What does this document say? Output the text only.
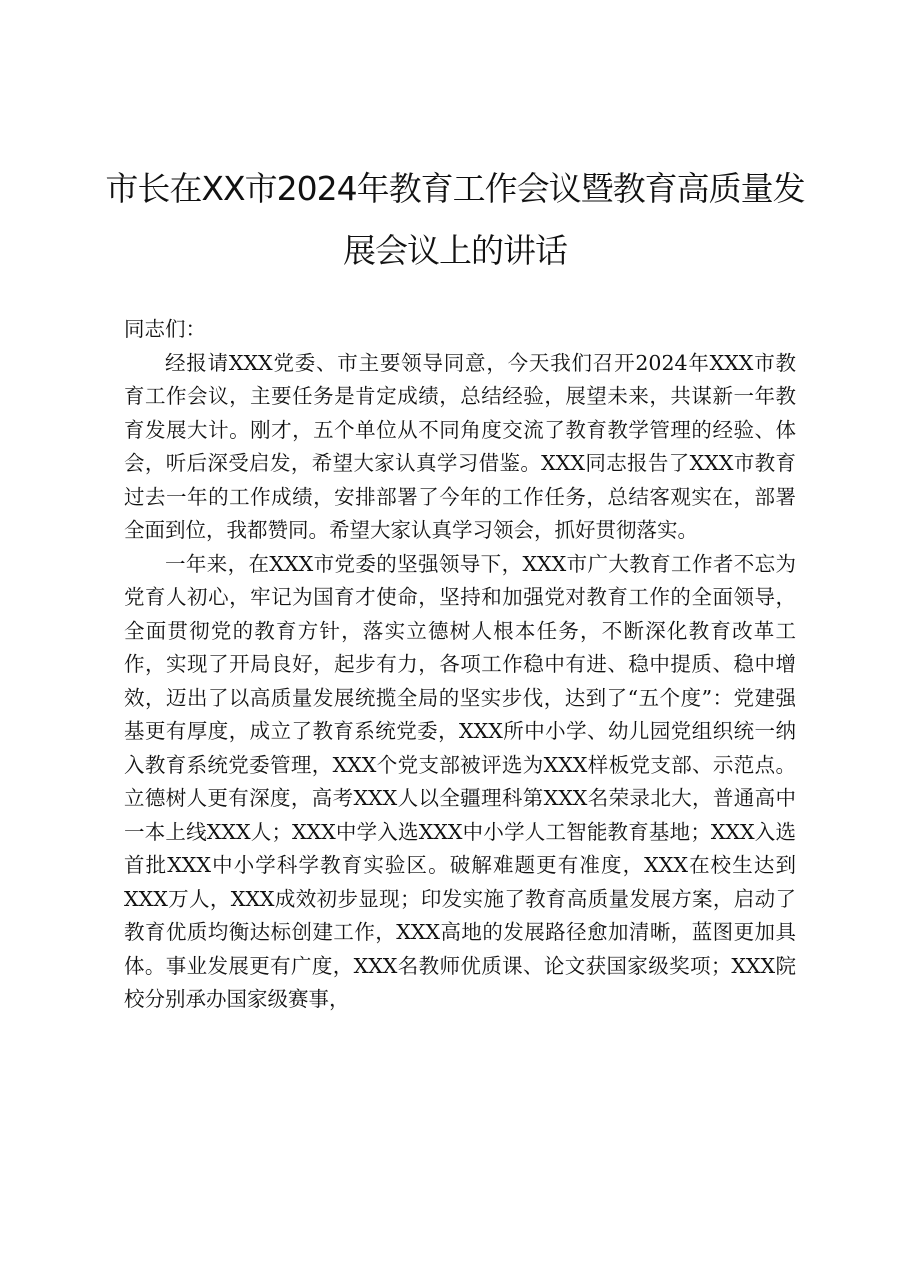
市长在XX市2024年教育工作会议暨教育高质量发展会议上的讲话

同志们：

经报请XXX党委、市主要领导同意，今天我们召开2024年XXX市教育工作会议，主要任务是肯定成绩，总结经验，展望未来，共谋新一年教育发展大计。刚才，五个单位从不同角度交流了教育教学管理的经验、体会，听后深受启发，希望大家认真学习借鉴。XXX同志报告了XXX市教育过去一年的工作成绩，安排部署了今年的工作任务，总结客观实在，部署全面到位，我都赞同。希望大家认真学习领会，抓好贯彻落实。

一年来，在XXX市党委的坚强领导下，XXX市广大教育工作者不忘为党育人初心，牢记为国育才使命，坚持和加强党对教育工作的全面领导，全面贯彻党的教育方针，落实立德树人根本任务，不断深化教育改革工作，实现了开局良好，起步有力，各项工作稳中有进、稳中提质、稳中增效，迈出了以高质量发展统揽全局的坚实步伐，达到了“五个度”：党建强基更有厚度，成立了教育系统党委，XXX所中小学、幼儿园党组织统一纳入教育系统党委管理，XXX个党支部被评选为XXX样板党支部、示范点。立德树人更有深度，高考XXX人以全疆理科第XXX名荣录北大，普通高中一本上线XXX人；XXX中学入选XXX中小学人工智能教育基地；XXX入选首批XXX中小学科学教育实验区。破解难题更有准度，XXX在校生达到XXX万人，XXX成效初步显现；印发实施了教育高质量发展方案，启动了教育优质均衡达标创建工作，XXX高地的发展路径愈加清晰，蓝图更加具体。事业发展更有广度，XXX名教师优质课、论文获国家级奖项；XXX院校分别承办国家级赛事，
